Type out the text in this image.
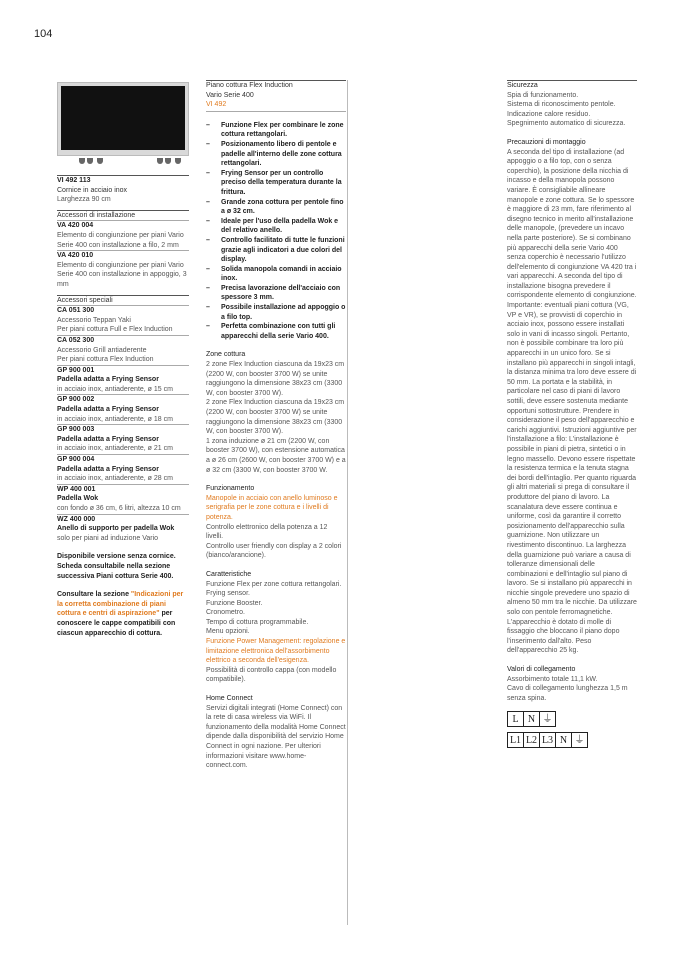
104
VI 492 113
Cornice in acciaio inox
Larghezza 90 cm
Accessori di installazione
VA 420 004
Elemento di congiunzione per piani Vario Serie 400 con installazione a filo, 2 mm
VA 420 010
Elemento di congiunzione per piani Vario Serie 400 con installazione in appoggio, 3 mm
Accessori speciali
CA 051 300
Accessorio Teppan Yaki
Per piani cottura Full e Flex Induction
CA 052 300
Accessorio Grill antiaderente
Per piani cottura Flex Induction
GP 900 001
Padella adatta a Frying Sensor
in acciaio inox, antiaderente, ø 15 cm
GP 900 002
Padella adatta a Frying Sensor
in acciaio inox, antiaderente, ø 18 cm
GP 900 003
Padella adatta a Frying Sensor
in acciaio inox, antiaderente, ø 21 cm
GP 900 004
Padella adatta a Frying Sensor
in acciaio inox, antiaderente, ø 28 cm
WP 400 001
Padella Wok
con fondo ø 36 cm, 6 litri, altezza 10 cm
WZ 400 000
Anello di supporto per padella Wok
solo per piani ad induzione Vario
Disponibile versione senza cornice. Scheda consultabile nella sezione successiva Piani cottura Serie 400.
Consultare la sezione "Indicazioni per la corretta combinazione di piani cottura e centri di aspirazione" per conoscere le cappe compatibili con ciascun apparecchio di cottura.
Piano cottura Flex Induction
Vario Serie 400
VI 492
– Funzione Flex per combinare le zone cottura rettangolari.
– Posizionamento libero di pentole e padelle all'interno delle zone cottura rettangolari.
– Frying Sensor per un controllo preciso della temperatura durante la frittura.
– Grande zona cottura per pentole fino a ø 32 cm.
– Ideale per l'uso della padella Wok e del relativo anello.
– Controllo facilitato di tutte le funzioni grazie agli indicatori a due colori del display.
– Solida manopola comandi in acciaio inox.
– Precisa lavorazione dell'acciaio con spessore 3 mm.
– Possibile installazione ad appoggio o a filo top.
– Perfetta combinazione con tutti gli apparecchi della serie Vario 400.
Zone cottura
2 zone Flex Induction ciascuna da 19x23 cm (2200 W, con booster 3700 W) se unite raggiungono la dimensione 38x23 cm (3300 W, con booster 3700 W).
2 zone Flex Induction ciascuna da 19x23 cm (2200 W, con booster 3700 W) se unite raggiungono la dimensione 38x23 cm (3300 W, con booster 3700 W).
1 zona induzione ø 21 cm (2200 W, con booster 3700 W), con estensione automatica a ø 26 cm (2600 W, con booster 3700 W) e a ø 32 cm (3300 W, con booster 3700 W.
Funzionamento
Manopole in acciaio con anello luminoso e serigrafia per le zone cottura e i livelli di potenza.
Controllo elettronico della potenza a 12 livelli.
Controllo user friendly con display a 2 colori (bianco/arancione).
Caratteristiche
Funzione Flex per zone cottura rettangolari.
Frying sensor.
Funzione Booster.
Cronometro.
Tempo di cottura programmabile.
Menu opzioni.
Funzione Power Management: regolazione e limitazione elettronica dell'assorbimento elettrico a seconda dell'esigenza.
Possibilità di controllo cappa (con modello compatibile).
Home Connect
Servizi digitali integrati (Home Connect) con la rete di casa wireless via WiFi. Il funzionamento della modalità Home Connect dipende dalla disponibilità del servizio Home Connect in ogni nazione. Per ulteriori informazioni visitare www.home-connect.com.
Sicurezza
Spia di funzionamento.
Sistema di riconoscimento pentole.
Indicazione calore residuo.
Spegnimento automatico di sicurezza.
Precauzioni di montaggio
A seconda del tipo di installazione (ad appoggio o a filo top, con o senza coperchio), la posizione della nicchia di incasso e della manopola possono variare. È consigliabile allineare manopole e zone cottura. Se lo spessore è maggiore di 23 mm, fare riferimento al disegno tecnico in merito all'installazione delle manopole, (prevedere un incavo nella parte posteriore). Se si combinano più apparecchi della serie Vario 400 senza coperchio è necessario l'utilizzo dell'elemento di congiunzione VA 420 tra i vari apparecchi. A seconda del tipo di installazione bisogna prevedere il corrispondente elemento di congiunzione. Importante: eventuali piani cottura (VG, VP e VR), se provvisti di coperchio in acciaio inox, possono essere installati solo in vani di incasso singoli. Pertanto, non è possibile combinare tra loro più apparecchi in un unico foro. Se si installano più apparecchi in singoli intagli, la distanza minima tra loro deve essere di 50 mm. La portata e la stabilità, in particolare nel caso di piani di lavoro sottili, deve essere sostenuta mediante opportuni sottostrutture. Prendere in considerazione il peso dell'apparecchio e carichi aggiuntivi. Istruzioni aggiuntive per l'installazione a filo: L'installazione è possibile in piani di pietra, sintetici o in legno massello. Devono essere rispettate la resistenza termica e la tenuta stagna dei bordi dell'intaglio. Per quanto riguarda gli altri materiali si prega di consultare il produttore del piano di lavoro. La scanalatura deve essere continua e uniforme, così da garantire il corretto posizionamento dell'apparecchio sulla guarnizione. Non utilizzare un rivestimento discontinuo. La larghezza della guarnizione può variare a causa di tolleranze dimensionali delle combinazioni e dell'intaglio sul piano di lavoro. Se si installano più apparecchi in nicchie singole prevedere uno spazio di almeno 50 mm tra le nicchie. Da utilizzare solo con pentole ferromagnetiche. L'apparecchio è dotato di molle di fissaggio che bloccano il piano dopo l'inserimento dall'alto. Peso dell'apparecchio 25 kg.
Valori di collegamento
Assorbimento totale 11,1 kW.
Cavo di collegamento lunghezza 1,5 m senza spina.
L N ⏚
L1 L2 L3 N ⏚
